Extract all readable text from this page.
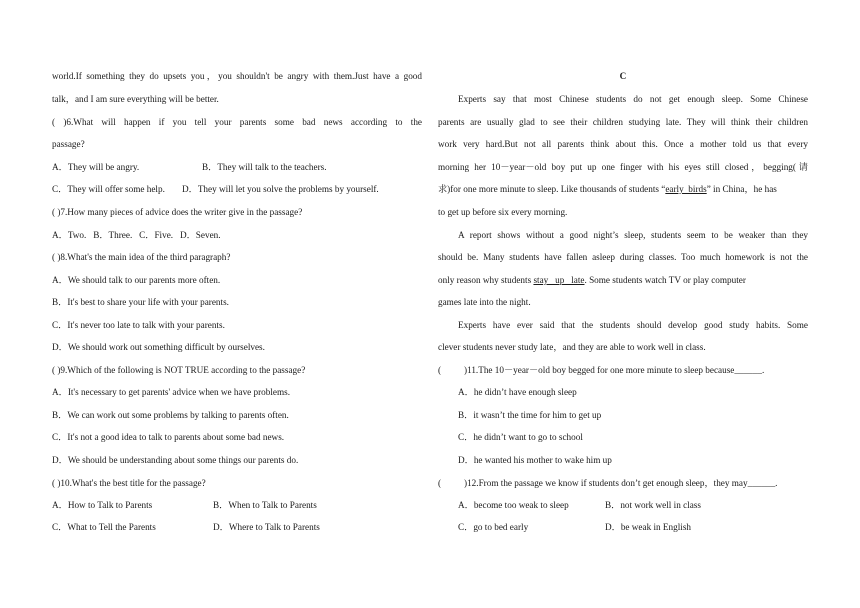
world.If something they do upsets you，you shouldn't be angry with them.Just have a good
talk，and I am sure everything will be better.
( )6.What will happen if you tell your parents some bad news according to the
passage?
A．They will be angry.	B．They will talk to the teachers.
C．They will offer some help. D．They will let you solve the problems by yourself.
( )7.How many pieces of advice does the writer give in the passage?
A．Two.   B．Three.   C．Five.   D．Seven.
( )8.What's the main idea of the third paragraph?
A．We should talk to our parents more often.
B．It's best to share your life with your parents.
C．It's never too late to talk with your parents.
D．We should work out something difficult by ourselves.
( )9.Which of the following is NOT TRUE according to the passage?
A．It's necessary to get parents' advice when we have problems.
B．We can work out some problems by talking to parents often.
C．It's not a good idea to talk to parents about some bad news.
D．We should be understanding about some things our parents do.
( )10.What's the best title for the passage?
A．How to Talk to Parents	B．When to Talk to Parents
C．What to Tell the Parents	D．Where to Talk to Parents
C
Experts say that most Chinese students do not get enough sleep. Some Chinese
parents are usually glad to see their children studying late. They will think their children
work very hard.But not all parents think about this. Once a mother told us that every
morning her 10－year－old boy put up one finger with his eyes still closed，begging(请
求)for one more minute to sleep. Like thousands of students “early  birds” in China，he has
to get up before six every morning.
A report shows without a good night’s sleep, students seem to be weaker than they
should be. Many students have fallen asleep during classes. Too much homework is not the
only reason why students stay   up   late. Some students watch TV or play computer
games late into the night.
Experts have ever said that the students should develop good study habits. Some
clever students never study late，and they are able to work well in class.
(          )11.The 10－year－old boy begged for one more minute to sleep because______.
A．he didn’t have enough sleep
B．it wasn’t the time for him to get up
C．he didn’t want to go to school
D．he wanted his mother to wake him up
(          )12.From the passage we know if students don’t get enough sleep，they may______.
A．become too weak to sleep	B．not work well in class
C．go to bed early	D．be weak in English
